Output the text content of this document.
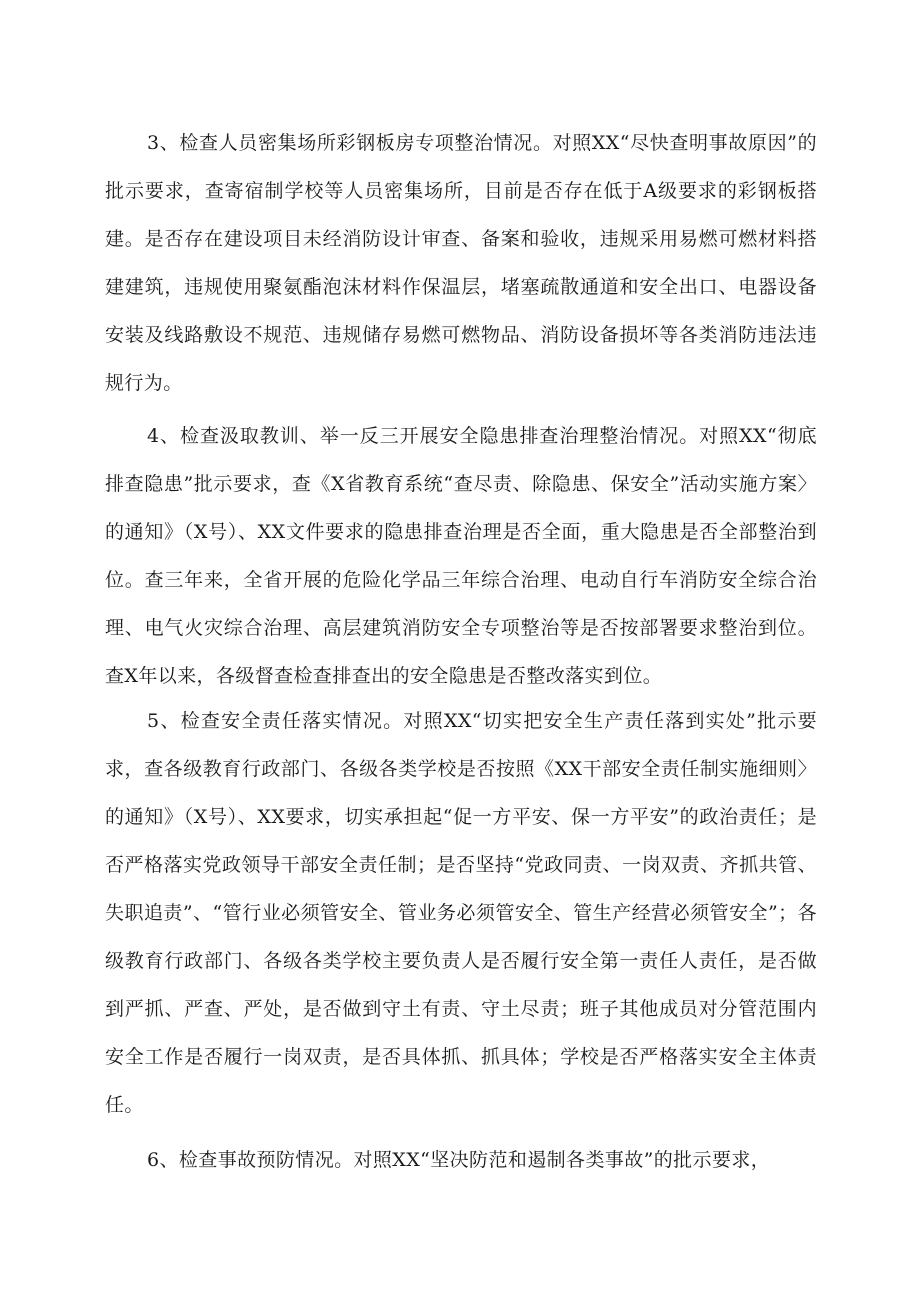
3、检查人员密集场所彩钢板房专项整治情况。对照XX“尽快查明事故原因”的批示要求，查寄宿制学校等人员密集场所，目前是否存在低于A级要求的彩钢板搭建。是否存在建设项目未经消防设计审查、备案和验收，违规采用易燃可燃材料搭建建筑，违规使用聚氨酯泡沫材料作保温层，堵塞疏散通道和安全出口、电器设备安装及线路敷设不规范、违规储存易燃可燃物品、消防设备损坏等各类消防违法违规行为。

4、检查汲取教训、举一反三开展安全隐患排查治理整治情况。对照XX“彻底排查隐患”批示要求，查《X省教育系统“查尽责、除隐患、保安全”活动实施方案〉的通知》（X号）、XX文件要求的隐患排查治理是否全面，重大隐患是否全部整治到位。查三年来，全省开展的危险化学品三年综合治理、电动自行车消防安全综合治理、电气火灾综合治理、高层建筑消防安全专项整治等是否按部署要求整治到位。查X年以来，各级督查检查排查出的安全隐患是否整改落实到位。

5、检查安全责任落实情况。对照XX“切实把安全生产责任落到实处”批示要求，查各级教育行政部门、各级各类学校是否按照《XX干部安全责任制实施细则〉的通知》（X号）、XX要求，切实承担起“促一方平安、保一方平安”的政治责任；是否严格落实党政领导干部安全责任制；是否坚持“党政同责、一岗双责、齐抓共管、失职追责”、“管行业必须管安全、管业务必须管安全、管生产经营必须管安全”；各级教育行政部门、各级各类学校主要负责人是否履行安全第一责任人责任，是否做到严抓、严查、严处，是否做到守土有责、守土尽责；班子其他成员对分管范围内安全工作是否履行一岗双责，是否具体抓、抓具体；学校是否严格落实安全主体责任。

6、检查事故预防情况。对照XX“坚决防范和遏制各类事故”的批示要求，
